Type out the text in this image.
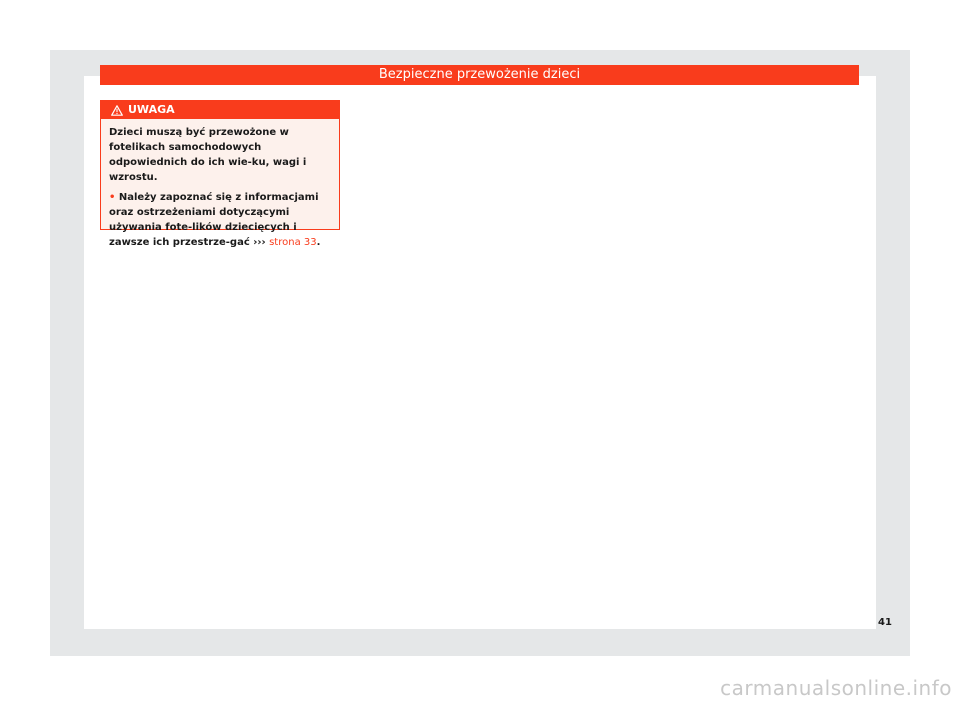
Bezpieczne przewożenie dzieci
UWAGA

Dzieci muszą być przewożone w fotelikach samochodowych odpowiednich do ich wie-ku, wagi i wzrostu.

• Należy zapoznać się z informacjami oraz ostrzeżeniami dotyczącymi używania fote-lików dziecięcych i zawsze ich przestrze-gać ››› strona 33.

41
carmanualsonline.info
